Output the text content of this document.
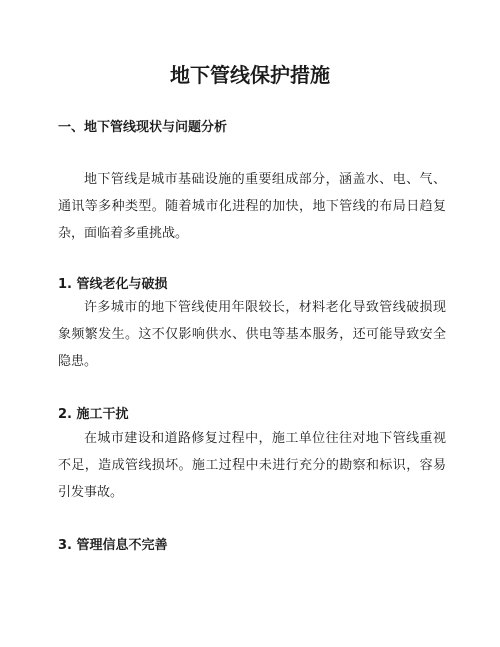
地下管线保护措施
一、地下管线现状与问题分析
地下管线是城市基础设施的重要组成部分，涵盖水、电、气、通讯等多种类型。随着城市化进程的加快，地下管线的布局日趋复杂，面临着多重挑战。
1. 管线老化与破损
许多城市的地下管线使用年限较长，材料老化导致管线破损现象频繁发生。这不仅影响供水、供电等基本服务，还可能导致安全隐患。
2. 施工干扰
在城市建设和道路修复过程中，施工单位往往对地下管线重视不足，造成管线损坏。施工过程中未进行充分的勘察和标识，容易引发事故。
3. 管理信息不完善
